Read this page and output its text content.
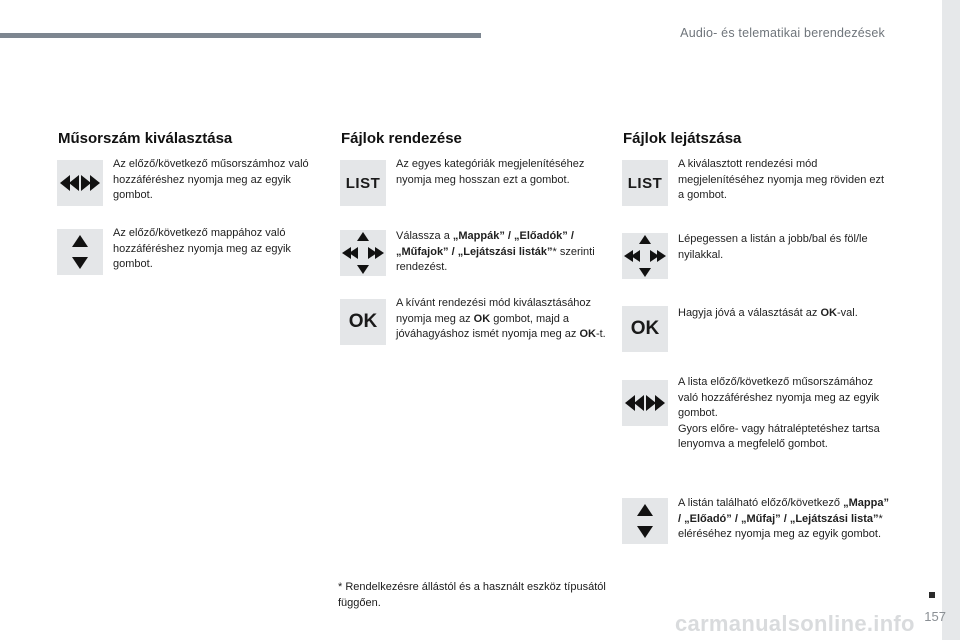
Audio- és telematikai berendezések
157
carmanualsonline.info
Műsorszám kiválasztása
Az előző/következő műsorszámhoz való hozzáféréshez nyomja meg az egyik gombot.
Az előző/következő mappához való hozzáféréshez nyomja meg az egyik gombot.
Fájlok rendezése
LIST
Az egyes kategóriák megjelenítéséhez nyomja meg hosszan ezt a gombot.
Válassza a „Mappák” / „Előadók” / „Műfajok” / „Lejátszási listák”* szerinti rendezést.
OK
A kívánt rendezési mód kiválasztásához nyomja meg az OK gombot, majd a jóváhagyáshoz ismét nyomja meg az OK-t.
Fájlok lejátszása
LIST
A kiválasztott rendezési mód megjelenítéséhez nyomja meg röviden ezt a gombot.
Lépegessen a listán a jobb/bal és föl/le nyilakkal.
OK
Hagyja jóvá a választását az OK-val.
A lista előző/következő műsorszámához való hozzáféréshez nyomja meg az egyik gombot.
Gyors előre- vagy hátraléptetéshez tartsa lenyomva a megfelelő gombot.
A listán található előző/következő „Mappa” / „Előadó” / „Műfaj” / „Lejátszási lista”* eléréséhez nyomja meg az egyik gombot.
* Rendelkezésre állástól és a használt eszköz típusától függően.
